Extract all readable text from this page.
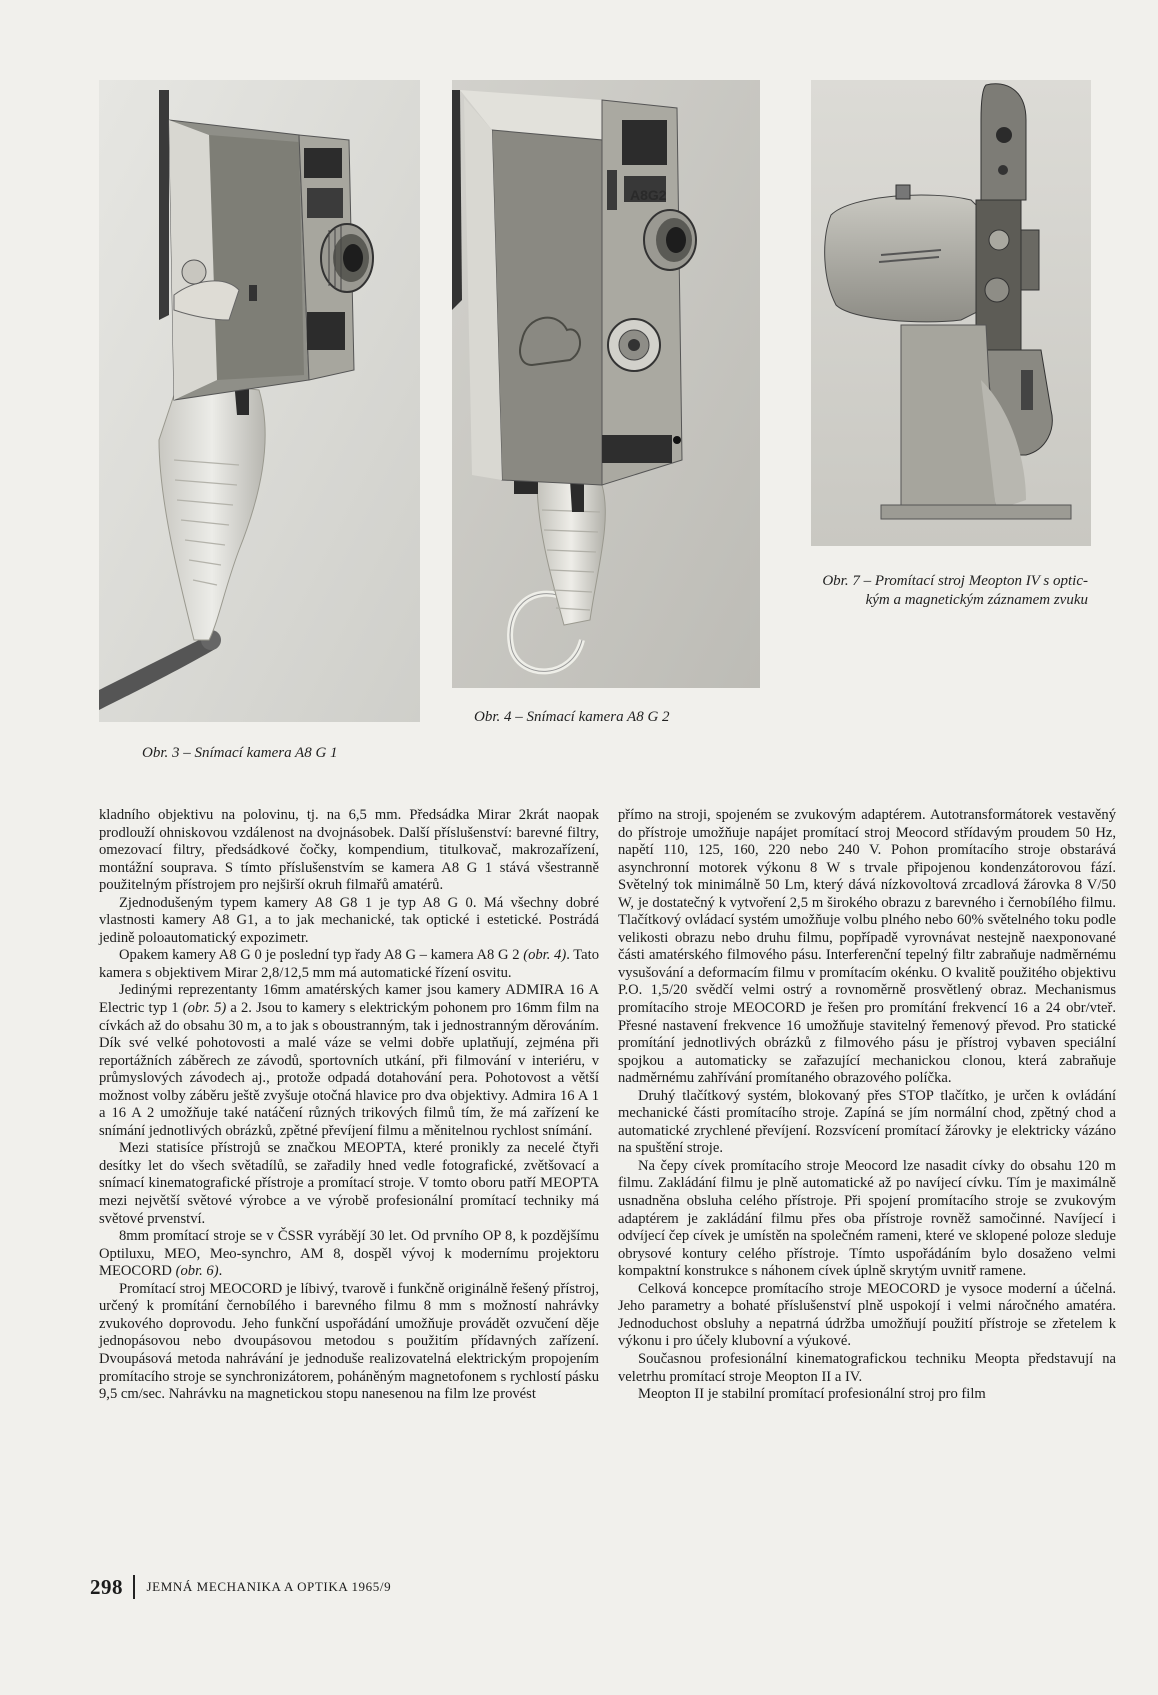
Obr. 3 – Snímací kamera A8 G 1
A8G2
Obr. 4 – Snímací kamera A8 G 2
Obr. 7 – Promítací stroj Meopton IV s optic-
kým a magnetickým záznamem zvuku

kladního objektivu na polovinu, tj. na 6,5 mm. Předsádka Mirar 2krát naopak prodlouží ohniskovou vzdálenost na dvojnásobek. Další příslušenství: barevné filtry, omezovací filtry, předsádkové čočky, kompendium, titulkovač, makrozařízení, montážní souprava. S tímto příslušenstvím se kamera A8 G 1 stává všestranně použitelným přístrojem pro nejširší okruh filmařů amatérů.

Zjednodušeným typem kamery A8 G8 1 je typ A8 G 0. Má všechny dobré vlastnosti kamery A8 G1, a to jak mechanické, tak optické i estetické. Postrádá jedině poloautomatický expozimetr.

Opakem kamery A8 G 0 je poslední typ řady A8 G – kamera A8 G 2 (obr. 4). Tato kamera s objektivem Mirar 2,8/12,5 mm má automatické řízení osvitu.

Jedinými reprezentanty 16mm amatérských kamer jsou kamery ADMIRA 16 A Electric typ 1 (obr. 5) a 2. Jsou to kamery s elektrickým pohonem pro 16mm film na cívkách až do obsahu 30 m, a to jak s oboustranným, tak i jednostranným děrováním. Dík své velké pohotovosti a malé váze se velmi dobře uplatňují, zejména při reportážních záběrech ze závodů, sportovních utkání, při filmování v interiéru, v průmyslových závodech aj., protože odpadá dotahování pera. Pohotovost a větší možnost volby záběru ještě zvyšuje otočná hlavice pro dva objektivy. Admira 16 A 1 a 16 A 2 umožňuje také natáčení různých trikových filmů tím, že má zařízení ke snímání jednotlivých obrázků, zpětné převíjení filmu a měnitelnou rychlost snímání.

Mezi statisíce přístrojů se značkou MEOPTA, které pronikly za necelé čtyři desítky let do všech světadílů, se zařadily hned vedle fotografické, zvětšovací a snímací kinematografické přístroje a promítací stroje. V tomto oboru patří MEOPTA mezi největší světové výrobce a ve výrobě profesionální promítací techniky má světové prvenství.

8mm promítací stroje se v ČSSR vyrábějí 30 let. Od prvního OP 8, k pozdějšímu Optiluxu, MEO, Meo-synchro, AM 8, dospěl vývoj k modernímu projektoru MEOCORD (obr. 6).

Promítací stroj MEOCORD je líbivý, tvarově i funkčně originálně řešený přístroj, určený k promítání černobílého i barevného filmu 8 mm s možností nahrávky zvukového doprovodu. Jeho funkční uspořádání umožňuje provádět ozvučení děje jednopásovou nebo dvoupásovou metodou s použitím přídavných zařízení. Dvoupásová metoda nahrávání je jednoduše realizovatelná elektrickým propojením promítacího stroje se synchronizátorem, poháněným magnetofonem s rychlostí pásku 9,5 cm/sec. Nahrávku na magnetickou stopu nanesenou na film lze provést

přímo na stroji, spojeném se zvukovým adaptérem. Autotransformátorek vestavěný do přístroje umožňuje napájet promítací stroj Meocord střídavým proudem 50 Hz, napětí 110, 125, 160, 220 nebo 240 V. Pohon promítacího stroje obstarává asynchronní motorek výkonu 8 W s trvale připojenou kondenzátorovou fází. Světelný tok minimálně 50 Lm, který dává nízkovoltová zrcadlová žárovka 8 V/50 W, je dostatečný k vytvoření 2,5 m širokého obrazu z barevného i černobílého filmu. Tlačítkový ovládací systém umožňuje volbu plného nebo 60% světelného toku podle velikosti obrazu nebo druhu filmu, popřípadě vyrovnávat nestejně naexponované části amatérského filmového pásu. Interferenční tepelný filtr zabraňuje nadměrnému vysušování a deformacím filmu v promítacím okénku. O kvalitě použitého objektivu P.O. 1,5/20 svědčí velmi ostrý a rovnoměrně prosvětlený obraz. Mechanismus promítacího stroje MEOCORD je řešen pro promítání frekvencí 16 a 24 obr/vteř. Přesné nastavení frekvence 16 umožňuje stavitelný řemenový převod. Pro statické promítání jednotlivých obrázků z filmového pásu je přístroj vybaven speciální spojkou a automaticky se zařazující mechanickou clonou, která zabraňuje nadměrnému zahřívání promítaného obrazového políčka.

Druhý tlačítkový systém, blokovaný přes STOP tlačítko, je určen k ovládání mechanické části promítacího stroje. Zapíná se jím normální chod, zpětný chod a automatické zrychlené převíjení. Rozsvícení promítací žárovky je elektricky vázáno na spuštění stroje.

Na čepy cívek promítacího stroje Meocord lze nasadit cívky do obsahu 120 m filmu. Zakládání filmu je plně automatické až po navíjecí cívku. Tím je maximálně usnadněna obsluha celého přístroje. Při spojení promítacího stroje se zvukovým adaptérem je zakládání filmu přes oba přístroje rovněž samočinné. Navíjecí i odvíjecí čep cívek je umístěn na společném rameni, které ve sklopené poloze sleduje obrysové kontury celého přístroje. Tímto uspořádáním bylo dosaženo velmi kompaktní konstrukce s náhonem cívek úplně skrytým uvnitř ramene.

Celková koncepce promítacího stroje MEOCORD je vysoce moderní a účelná. Jeho parametry a bohaté příslušenství plně uspokojí i velmi náročného amatéra. Jednoduchost obsluhy a nepatrná údržba umožňují použití přístroje se zřetelem k výkonu i pro účely klubovní a výukové.

Současnou profesionální kinematografickou techniku Meopta představují na veletrhu promítací stroje Meopton II a IV.

Meopton II je stabilní promítací profesionální stroj pro film

298 JEMNÁ MECHANIKA A OPTIKA 1965/9
